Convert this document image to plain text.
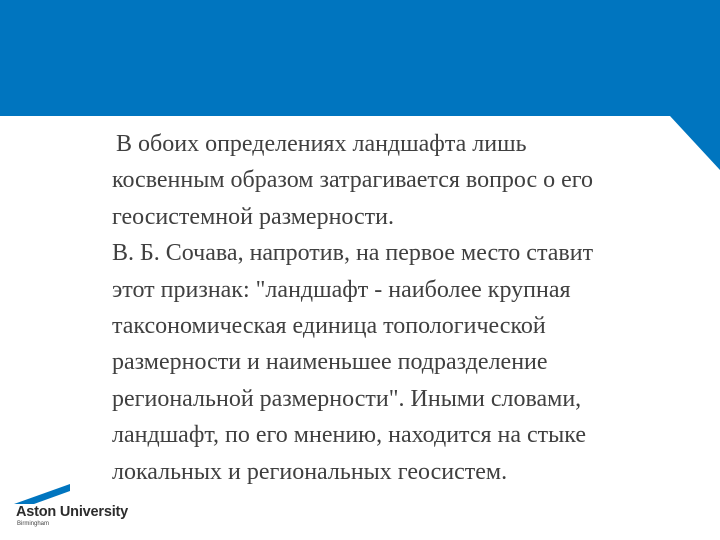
В обоих определениях ландшафта лишь
косвенным образом затрагивается вопрос о его
геосистемной размерности.
В. Б. Сочава, напротив, на первое место ставит
этот признак: "ландшафт - наиболее крупная
таксономическая единица топологической
размерности и наименьшее подразделение
региональной размерности". Иными словами,
ландшафт, по его мнению, находится на стыке
локальных и региональных геосистем.

Aston University
Birmingham
